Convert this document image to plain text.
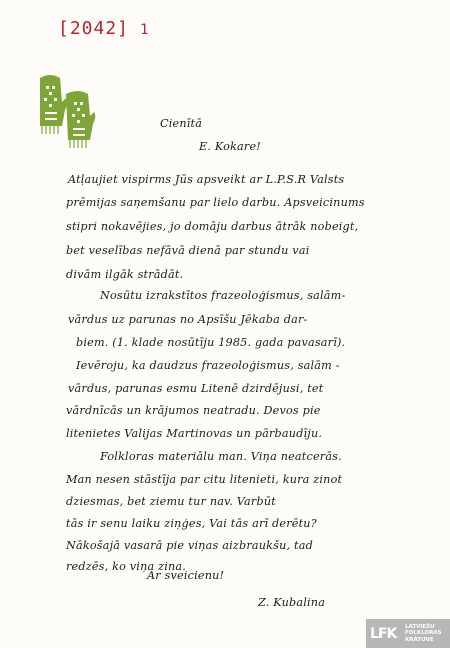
[2042] 1
Cienītā
E. Kokare!
Atļaujiet vispirms Jūs apsveikt ar L.P.S.R Valsts
prēmijas saņemšanu par lielo darbu. Apsveicinums
stipri nokavējies, jo domāju darbus ātrāk nobeigt,
bet veselības nefāvā dienā par stundu vai
divām ilgāk strādāt.
Nosūtu izrakstītos frazeoloģismus, salām-
vārdus uz parunas no Apsīšu Jēkaba dar-
biem. (1. klade nosūtīju 1985. gada pavasarī).
Ievēroju, ka daudzus frazeoloģismus, salām -
vārdus, parunas esmu Litenē dzirdējusi, tet
vārdnīcās un krājumos neatradu. Devos pie
litenietes Valijas Martinovas un pārbaudīju.
Folkloras materiālu man. Viņa neatcerās.
Man nesen stāstīja par citu litenieti, kura zinot
dziesmas, bet ziemu tur nav. Varbūt
tās ir senu laiku ziņģes, Vai tās arī derētu?
Nākošajā vasarā pie viņas aizbraukšu, tad
redzēs, ko viņa zina.
Ar sveicienu!
Z. Kubalina
LFK	LATVIEŠU
FOLKLORAS
KRĀTUVE
